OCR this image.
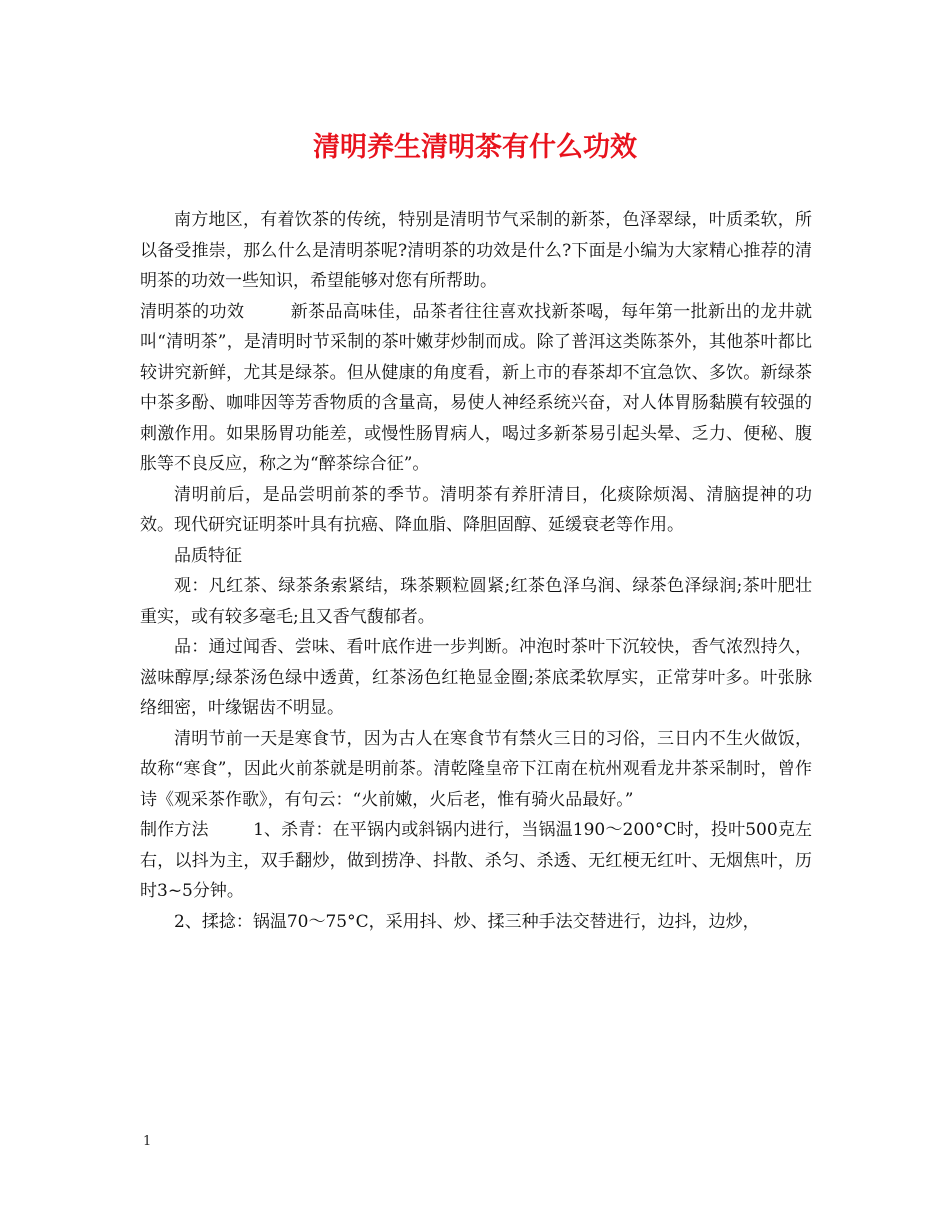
清明养生清明茶有什么功效

南方地区，有着饮茶的传统，特别是清明节气采制的新茶，色泽翠绿，叶质柔软，所以备受推崇，那么什么是清明茶呢?清明茶的功效是什么?下面是小编为大家精心推荐的清明茶的功效一些知识，希望能够对您有所帮助。

清明茶的功效	新茶品高味佳，品茶者往往喜欢找新茶喝，每年第一批新出的龙井就叫“清明茶”，是清明时节采制的茶叶嫩芽炒制而成。除了普洱这类陈茶外，其他茶叶都比较讲究新鲜，尤其是绿茶。但从健康的角度看，新上市的春茶却不宜急饮、多饮。新绿茶中茶多酚、咖啡因等芳香物质的含量高，易使人神经系统兴奋，对人体胃肠黏膜有较强的刺激作用。如果肠胃功能差，或慢性肠胃病人，喝过多新茶易引起头晕、乏力、便秘、腹胀等不良反应，称之为“醉茶综合征”。

清明前后，是品尝明前茶的季节。清明茶有养肝清目，化痰除烦渴、清脑提神的功效。现代研究证明茶叶具有抗癌、降血脂、降胆固醇、延缓衰老等作用。

品质特征

观：凡红茶、绿茶条索紧结，珠茶颗粒圆紧;红茶色泽乌润、绿茶色泽绿润;茶叶肥壮重实，或有较多毫毛;且又香气馥郁者。

品：通过闻香、尝味、看叶底作进一步判断。冲泡时茶叶下沉较快，香气浓烈持久，滋味醇厚;绿茶汤色绿中透黄，红茶汤色红艳显金圈;茶底柔软厚实，正常芽叶多。叶张脉络细密，叶缘锯齿不明显。

清明节前一天是寒食节，因为古人在寒食节有禁火三日的习俗，三日内不生火做饭，故称“寒食”，因此火前茶就是明前茶。清乾隆皇帝下江南在杭州观看龙井茶采制时，曾作诗《观采茶作歌》，有句云：“火前嫩，火后老，惟有骑火品最好。”

制作方法	1、杀青：在平锅内或斜锅内进行，当锅温190～200°C时，投叶500克左右，以抖为主，双手翻炒，做到捞净、抖散、杀匀、杀透、无红梗无红叶、无烟焦叶，历时3~5分钟。

2、揉捻：锅温70～75°C，采用抖、炒、揉三种手法交替进行，边抖，边炒，

1
